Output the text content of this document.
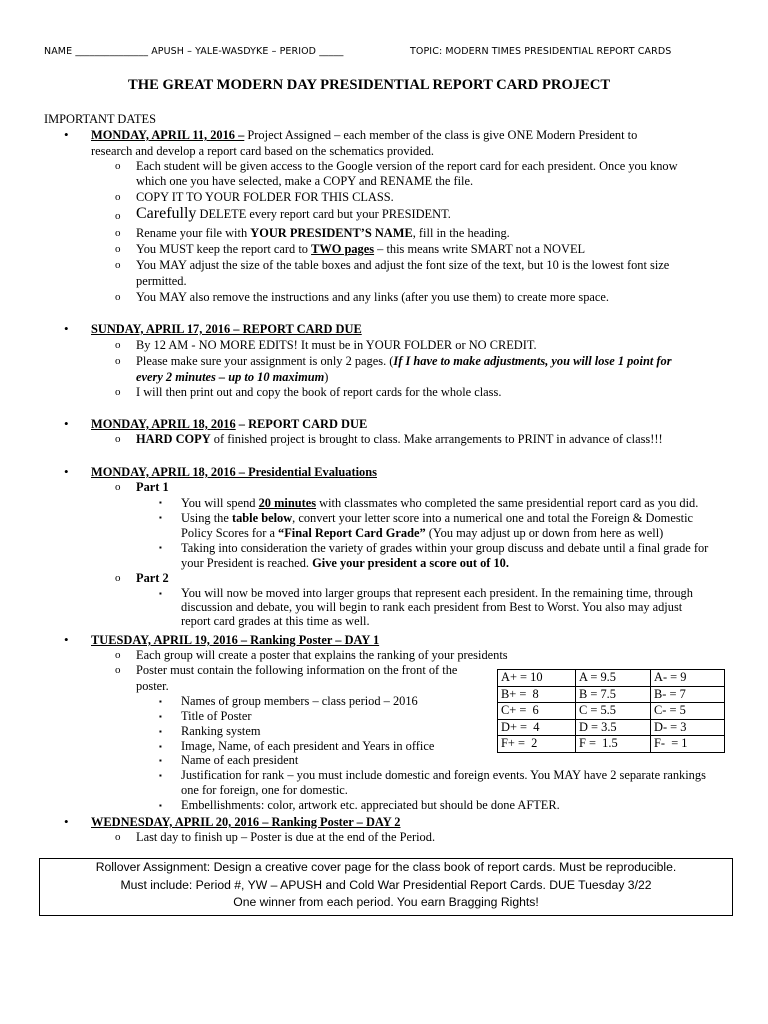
NAME _______________ APUSH – YALE-WASDYKE – PERIOD _____	TOPIC: MODERN TIMES PRESIDENTIAL REPORT CARDS
THE GREAT MODERN DAY PRESIDENTIAL REPORT CARD PROJECT
IMPORTANT DATES
• MONDAY, APRIL 11, 2016 – Project Assigned – each member of the class is give ONE Modern President to
research and develop a report card based on the schematics provided.
o Each student will be given access to the Google version of the report card for each president. Once you know
which one you have selected, make a COPY and RENAME the file.
o COPY IT TO YOUR FOLDER FOR THIS CLASS.
o Carefully DELETE every report card but your PRESIDENT.
o Rename your file with YOUR PRESIDENT’S NAME, fill in the heading.
o You MUST keep the report card to TWO pages – this means write SMART not a NOVEL
o You MAY adjust the size of the table boxes and adjust the font size of the text, but 10 is the lowest font size
permitted.
o You MAY also remove the instructions and any links (after you use them) to create more space.
• SUNDAY, APRIL 17, 2016 – REPORT CARD DUE
o By 12 AM - NO MORE EDITS! It must be in YOUR FOLDER or NO CREDIT.
o Please make sure your assignment is only 2 pages. (If I have to make adjustments, you will lose 1 point for
every 2 minutes – up to 10 maximum)
o I will then print out and copy the book of report cards for the whole class.
• MONDAY, APRIL 18, 2016 – REPORT CARD DUE
o HARD COPY of finished project is brought to class. Make arrangements to PRINT in advance of class!!!
• MONDAY, APRIL 18, 2016 – Presidential Evaluations
o Part 1
▪ You will spend 20 minutes with classmates who completed the same presidential report card as you did.
▪ Using the table below, convert your letter score into a numerical one and total the Foreign & Domestic
Policy Scores for a “Final Report Card Grade” (You may adjust up or down from here as well)
▪ Taking into consideration the variety of grades within your group discuss and debate until a final grade for
your President is reached. Give your president a score out of 10.
o Part 2
▪ You will now be moved into larger groups that represent each president. In the remaining time, through
discussion and debate, you will begin to rank each president from Best to Worst. You also may adjust
report card grades at this time as well.
• TUESDAY, APRIL 19, 2016 – Ranking Poster – DAY 1
o Each group will create a poster that explains the ranking of your presidents
o Poster must contain the following information on the front of the
poster.
▪ Names of group members – class period – 2016
▪ Title of Poster
▪ Ranking system
▪ Image, Name, of each president and Years in office
▪ Name of each president
▪ Justification for rank – you must include domestic and foreign events. You MAY have 2 separate rankings
one for foreign, one for domestic.
▪ Embellishments: color, artwork etc. appreciated but should be done AFTER.
A+ = 10	A = 9.5	A- = 9
B+ =  8	B = 7.5	B- = 7
C+ =  6	C = 5.5	C- = 5
D+ =  4	D = 3.5	D- = 3
F+ =  2	F =  1.5	F-  = 1
• WEDNESDAY, APRIL 20, 2016 – Ranking Poster – DAY 2
o Last day to finish up – Poster is due at the end of the Period.
Rollover Assignment: Design a creative cover page for the class book of report cards. Must be reproducible.
Must include: Period #, YW – APUSH and Cold War Presidential Report Cards. DUE Tuesday 3/22
One winner from each period. You earn Bragging Rights!
